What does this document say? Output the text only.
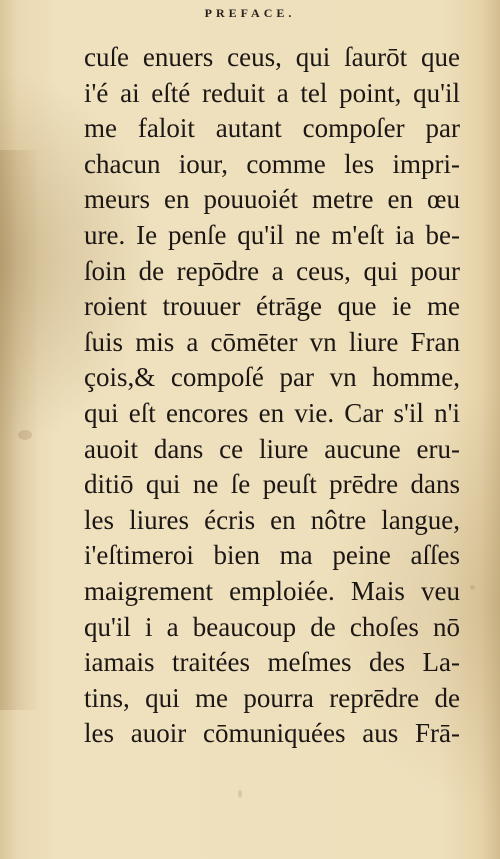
PREFACE.
cuſe enuers ceus, qui ſaurōt que
i'é ai eſté reduit a tel point, qu'il
me faloit autant compoſer par
chacun iour, comme les impri-
meurs en pouuoiét metre en œu
ure. Ie penſe qu'il ne m'eſt ia be-
ſoin de repōdre a ceus, qui pour
roient trouuer étrāge que ie me
ſuis mis a cōmēter vn liure Fran
çois,& compoſé par vn homme,
qui eſt encores en vie. Car s'il n'i
auoit dans ce liure aucune eru-
ditiō qui ne ſe peuſt prēdre dans
les liures écris en nôtre langue,
i'eſtimeroi bien ma peine aſſes
maigrement emploiée. Mais veu
qu'il i a beaucoup de choſes nō
iamais traitées meſmes des La-
tins, qui me pourra reprēdre de
les auoir cōmuniquées aus Frā-
